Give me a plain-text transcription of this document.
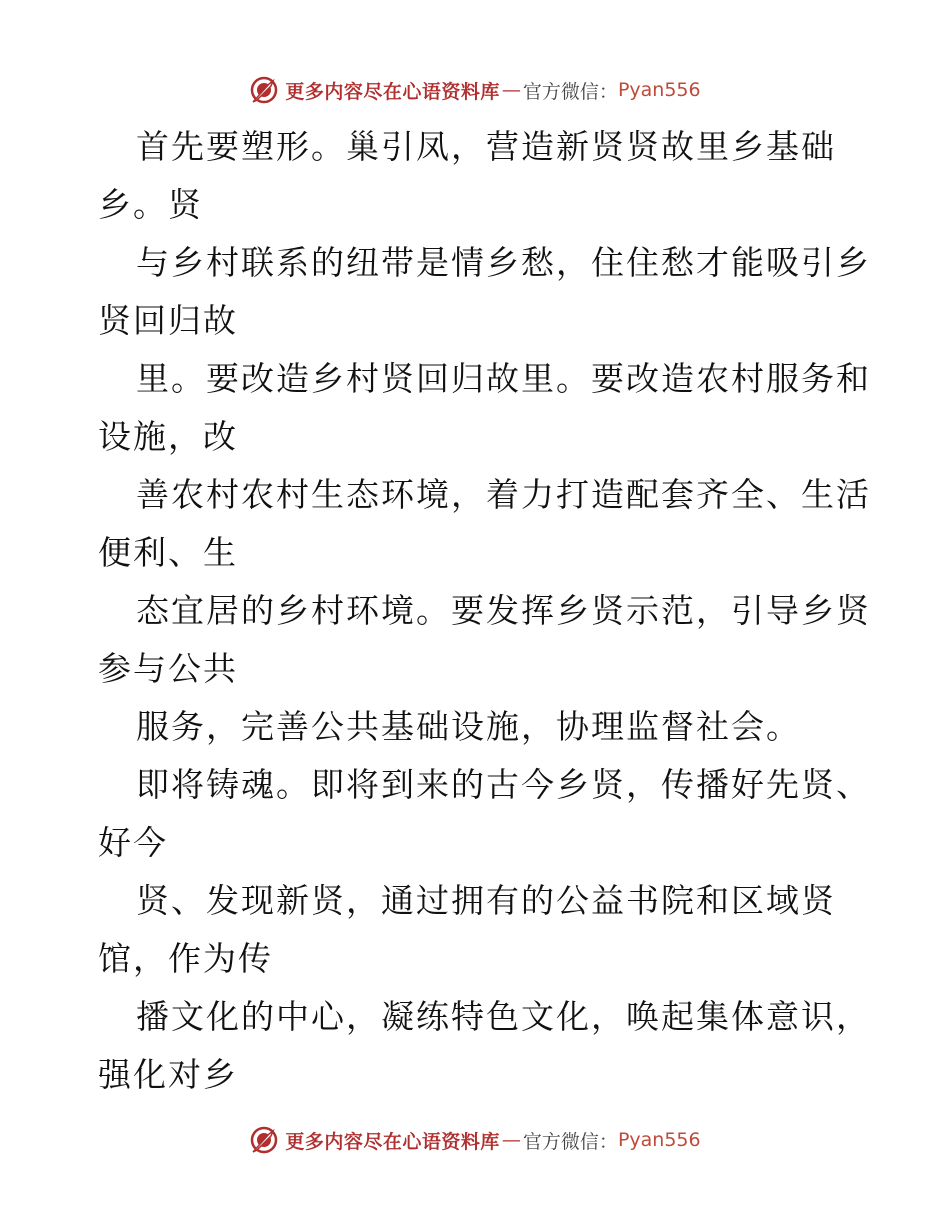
更多内容尽在心语资料库 — 官方微信： Pyan556
首先要塑形。巢引凤，营造新贤贤故里乡基础
乡。贤
与乡村联系的纽带是情乡愁，住住愁才能吸引乡
贤回归故
里。要改造乡村贤回归故里。要改造农村服务和
设施，改
善农村农村生态环境，着力打造配套齐全、生活
便利、生
态宜居的乡村环境。要发挥乡贤示范，引导乡贤
参与公共
服务，完善公共基础设施，协理监督社会。
即将铸魂。即将到来的古今乡贤，传播好先贤、
好今
贤、发现新贤，通过拥有的公益书院和区域贤
馆，作为传
播文化的中心，凝练特色文化，唤起集体意识，
强化对乡
更多内容尽在心语资料库 — 官方微信： Pyan556
